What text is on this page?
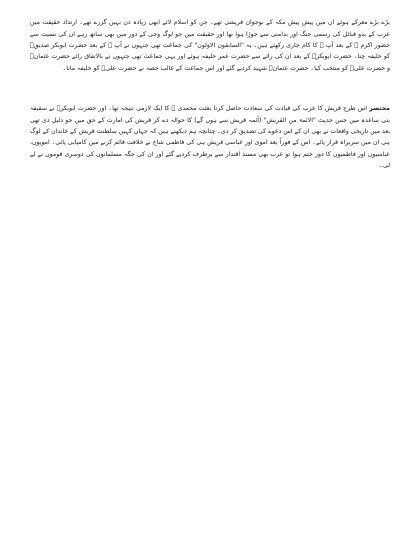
بڑے بڑے معرکے ہوئے ان میں پیش پیش مکہ کے نوجوان قریشی تھے۔ جن کو اسلام لائے ابھی زیادہ دن نہیں گزرے تھے۔ ارتداد حقیقت میں عرب کے بدو قبائل کی رسمی جنگ اور بدامنی سے جوڑا ہوا تھا اور حقیقت میں جو لوگ وحی کے دور میں بھی ساتھ رہے ان کی نسبت سے حضور اکرم ﷺ کے بعد آپ ﷺ کا کام جاری رکھتے ہیں۔ یہ "السابقون الاولون" کی جماعت تھی جنہوں نے آپ ﷺ کے بعد حضرت ابوبکر صدیقؓ کو خلیفہ چنا۔ حضرت ابوبکرؓ کے بعد ان کی رائے سے حضرت عمر خلیفہ ہوئے اور یہی جماعت تھی جنہوں نے بالاتفاق رائے حضرت عثمانؓ و حضرت علیؓ کو منتخب کیا۔ حضرت عثمانؓ شہید کردیے گئے اور اس جماعت کے غالب حصہ نے حضرت علیؓ کو خلیفہ مانا۔

مختصر اس طرح قریش کا عرب کی قیادت کی سعادت حاصل کرنا بعثت محمدی ﷺ کا ایک لازمی نتیجہ تھا۔ اور حضرت ابوبکرؓ نے سقیفہ بنی ساعدہ میں جس حدیث "الائمۃ من القریش" (آئمہ قریش سے ہوں گے) کا حوالہ دے کر قریش کی امارت کے حق میں جو دلیل دی تھی بعد میں تاریخی واقعات نے بھی ان کے اس دعوے کی تصدیق کر دی۔ چنانچہ ہم دیکھتے ہیں کہ جہاں کہیں سلطنت قریش کے خاندان کے لوگ ہی ان میں سربراہ قرار پائے۔ اس کے فوراً بعد اموی اور عباسی قریش ہی کی فاطمی شاخ نے خلافت قائم کرنے میں کامیابی پائی۔ امویوں، عباسیوں اور فاطمیوں کا دور ختم ہوا تو عرب بھی مسند اقتدار سے برطرف کردیے گئے اور ان کی جگہ مسلمانوں کی دوسری قوموں نے لے لی۔
